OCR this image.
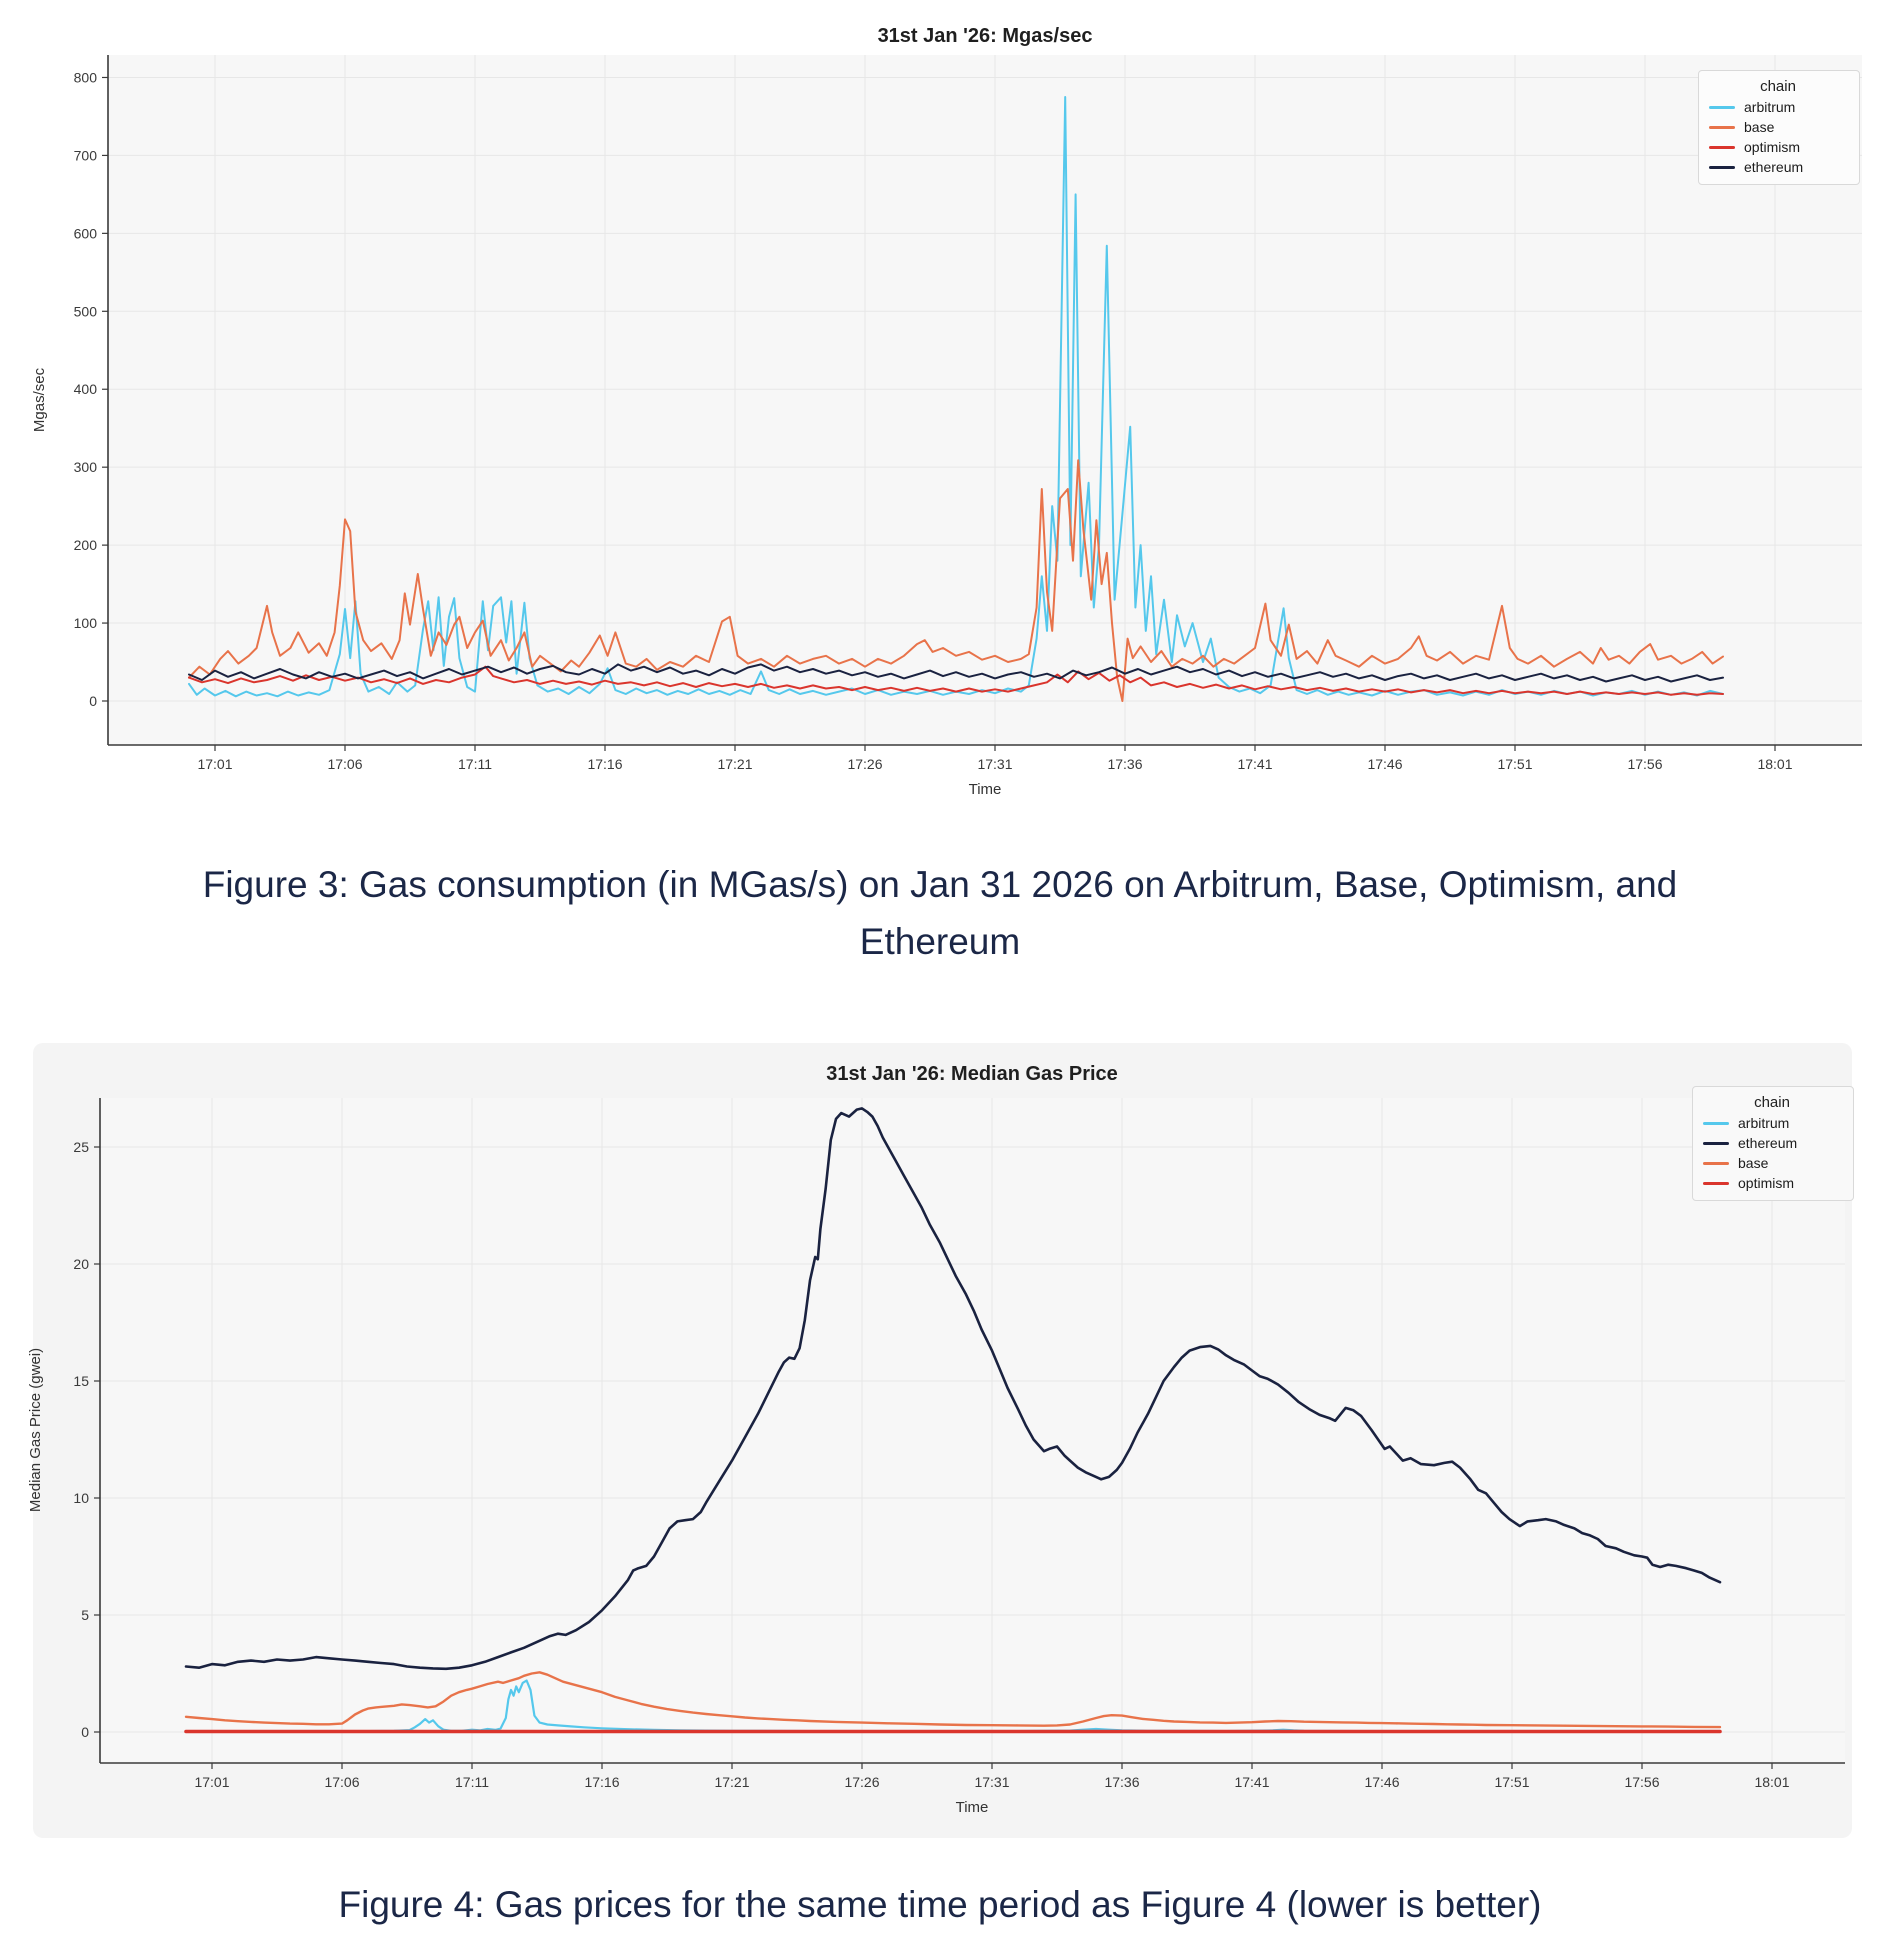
17:01	17:06	17:11	17:16	17:21	17:26	17:31	17:36	17:41	17:46	17:51	17:56	18:01
0
100
200
300
400
500
600
700
800
31st Jan '26: Mgas/sec
Mgas/sec
Time
17:01	17:06	17:11	17:16	17:21	17:26	17:31	17:36	17:41	17:46	17:51	17:56	18:01
0
5
10
15
20
25
31st Jan '26: Median Gas Price
Median Gas Price (gwei)
Time
chain
arbitrum
base
optimism
ethereum
chain
arbitrum
ethereum
base
optimism
Figure 3: Gas consumption (in MGas/s) on Jan 31 2026 on Arbitrum, Base, Optimism, and Ethereum
Figure 4: Gas prices for the same time period as Figure 4 (lower is better)
